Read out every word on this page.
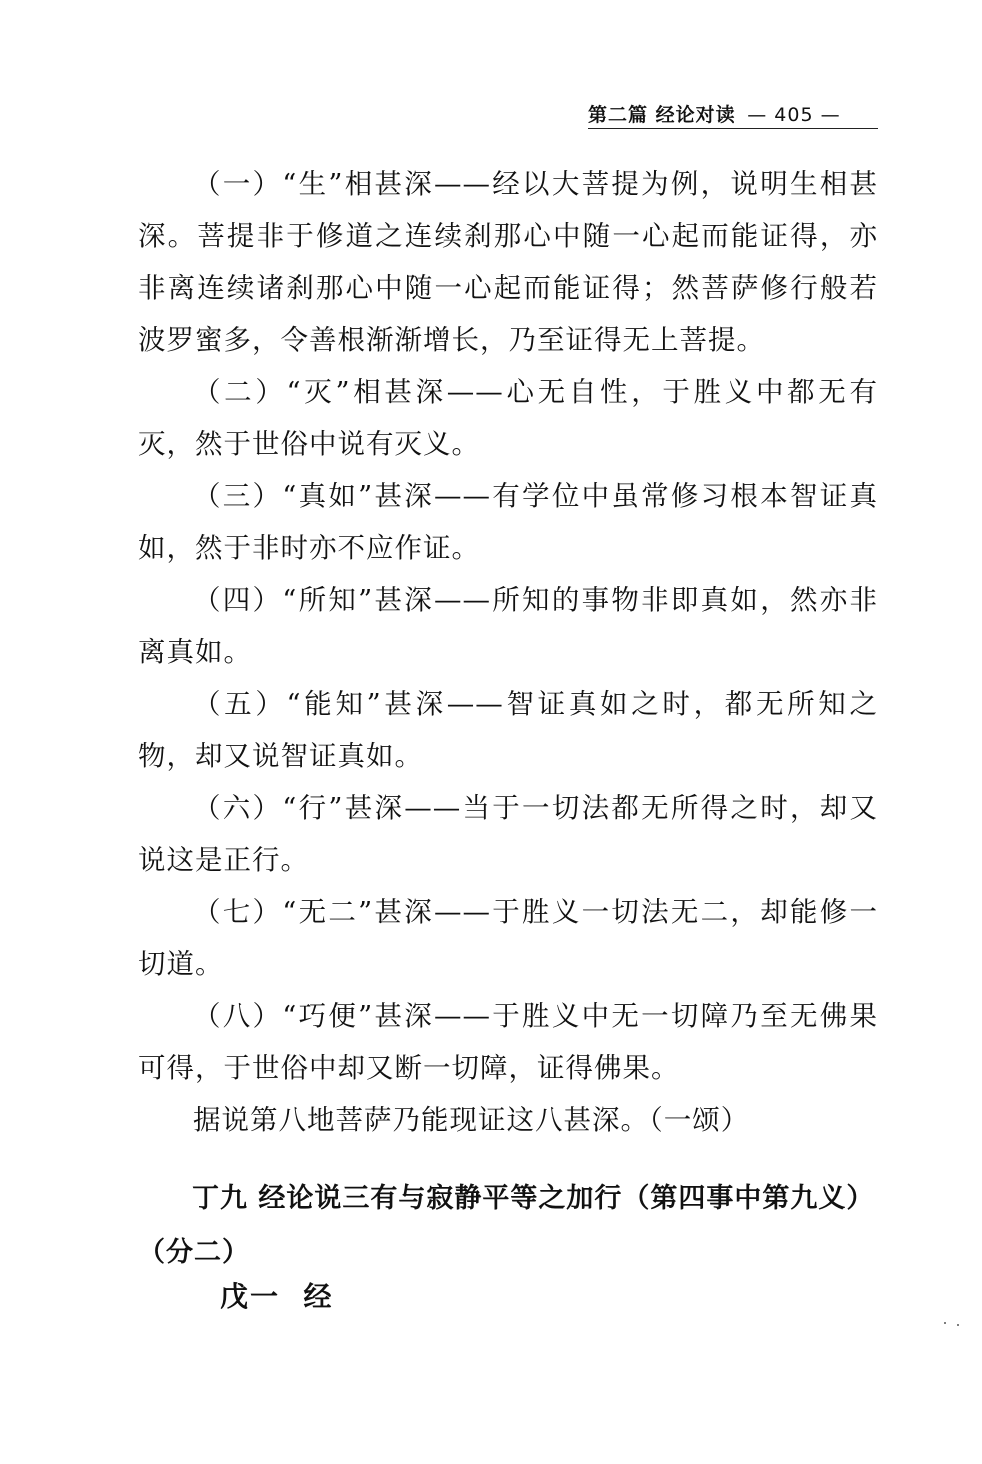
第二篇 经论对读 — 405 —

（一）“生”相甚深——经以大菩提为例，说明生相甚深。菩提非于修道之连续刹那心中随一心起而能证得，亦非离连续诸刹那心中随一心起而能证得；然菩萨修行般若波罗蜜多，令善根渐渐增长，乃至证得无上菩提。

（二）“灭”相甚深——心无自性，于胜义中都无有灭，然于世俗中说有灭义。

（三）“真如”甚深——有学位中虽常修习根本智证真如，然于非时亦不应作证。

（四）“所知”甚深——所知的事物非即真如，然亦非离真如。

（五）“能知”甚深——智证真如之时，都无所知之物，却又说智证真如。

（六）“行”甚深——当于一切法都无所得之时，却又说这是正行。

（七）“无二”甚深——于胜义一切法无二，却能修一切道。

（八）“巧便”甚深——于胜义中无一切障乃至无佛果可得，于世俗中却又断一切障，证得佛果。

据说第八地菩萨乃能现证这八甚深。（一颂）

丁九 经论说三有与寂静平等之加行（第四事中第九义）（分二）
戊一  经
